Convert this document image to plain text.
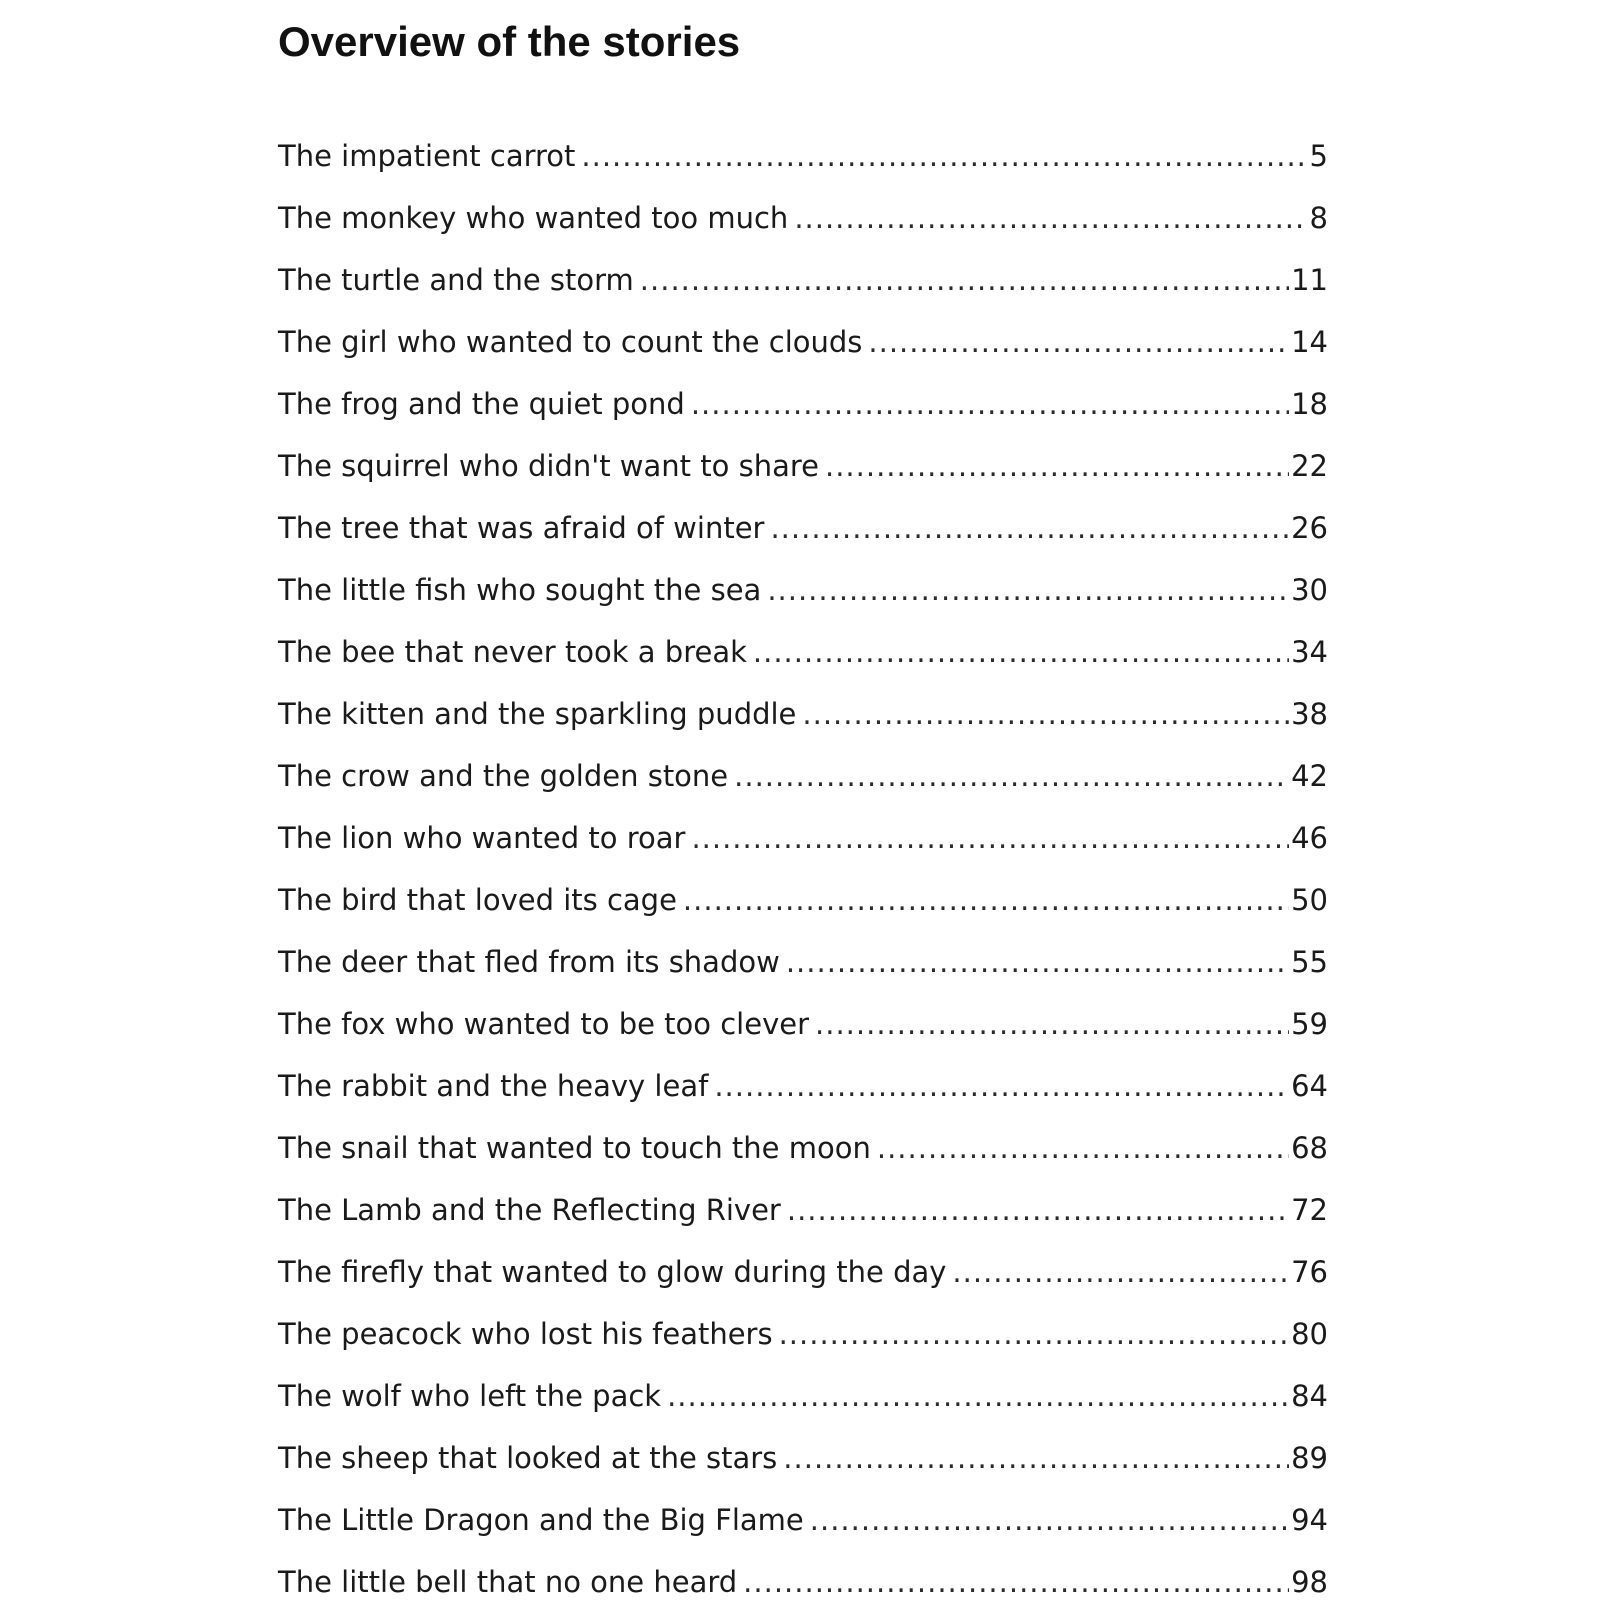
Overview of the stories
The impatient carrot .....	5
The monkey who wanted too much .....	8
The turtle and the storm .....	11
The girl who wanted to count the clouds .....	14
The frog and the quiet pond .....	18
The squirrel who didn't want to share .....	22
The tree that was afraid of winter .....	26
The little fish who sought the sea .....	30
The bee that never took a break .....	34
The kitten and the sparkling puddle .....	38
The crow and the golden stone .....	42
The lion who wanted to roar .....	46
The bird that loved its cage .....	50
The deer that fled from its shadow .....	55
The fox who wanted to be too clever .....	59
The rabbit and the heavy leaf .....	64
The snail that wanted to touch the moon .....	68
The Lamb and the Reflecting River .....	72
The firefly that wanted to glow during the day .....	76
The peacock who lost his feathers .....	80
The wolf who left the pack .....	84
The sheep that looked at the stars .....	89
The Little Dragon and the Big Flame .....	94
The little bell that no one heard .....	98
